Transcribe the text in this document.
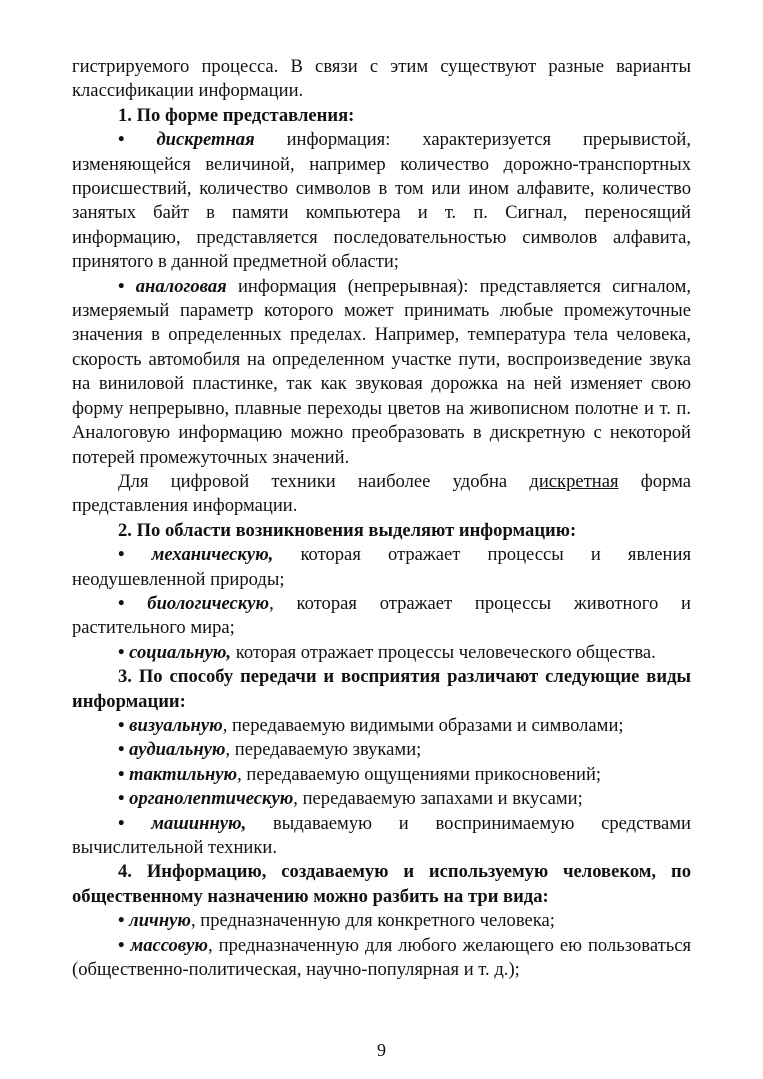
гистрируемого процесса. В связи с этим существуют разные варианты классификации информации.

1. По форме представления:

• дискретная информация: характеризуется прерывистой, изменяющейся величиной, например количество дорожно-транспортных происшествий, количество символов в том или ином алфавите, количество занятых байт в памяти компьютера и т. п. Сигнал, переносящий информацию, представляется последовательностью символов алфавита, принятого в данной предметной области;

• аналоговая информация (непрерывная): представляется сигналом, измеряемый параметр которого может принимать любые промежуточные значения в определенных пределах. Например, температура тела человека, скорость автомобиля на определенном участке пути, воспроизведение звука на виниловой пластинке, так как звуковая дорожка на ней изменяет свою форму непрерывно, плавные переходы цветов на живописном полотне и т. п. Аналоговую информацию можно преобразовать в дискретную с некоторой потерей промежуточных значений.

Для цифровой техники наиболее удобна дискретная форма представления информации.

2. По области возникновения выделяют информацию:

• механическую, которая отражает процессы и явления неодушевленной природы;

• биологическую, которая отражает процессы животного и растительного мира;

• социальную, которая отражает процессы человеческого общества.

3. По способу передачи и восприятия различают следующие виды информации:

• визуальную, передаваемую видимыми образами и символами;

• аудиальную, передаваемую звуками;

• тактильную, передаваемую ощущениями прикосновений;

• органолептическую, передаваемую запахами и вкусами;

• машинную, выдаваемую и воспринимаемую средствами вычислительной техники.

4. Информацию, создаваемую и используемую человеком, по общественному назначению можно разбить на три вида:

• личную, предназначенную для конкретного человека;

• массовую, предназначенную для любого желающего ею пользоваться (общественно-политическая, научно-популярная и т. д.);

9
